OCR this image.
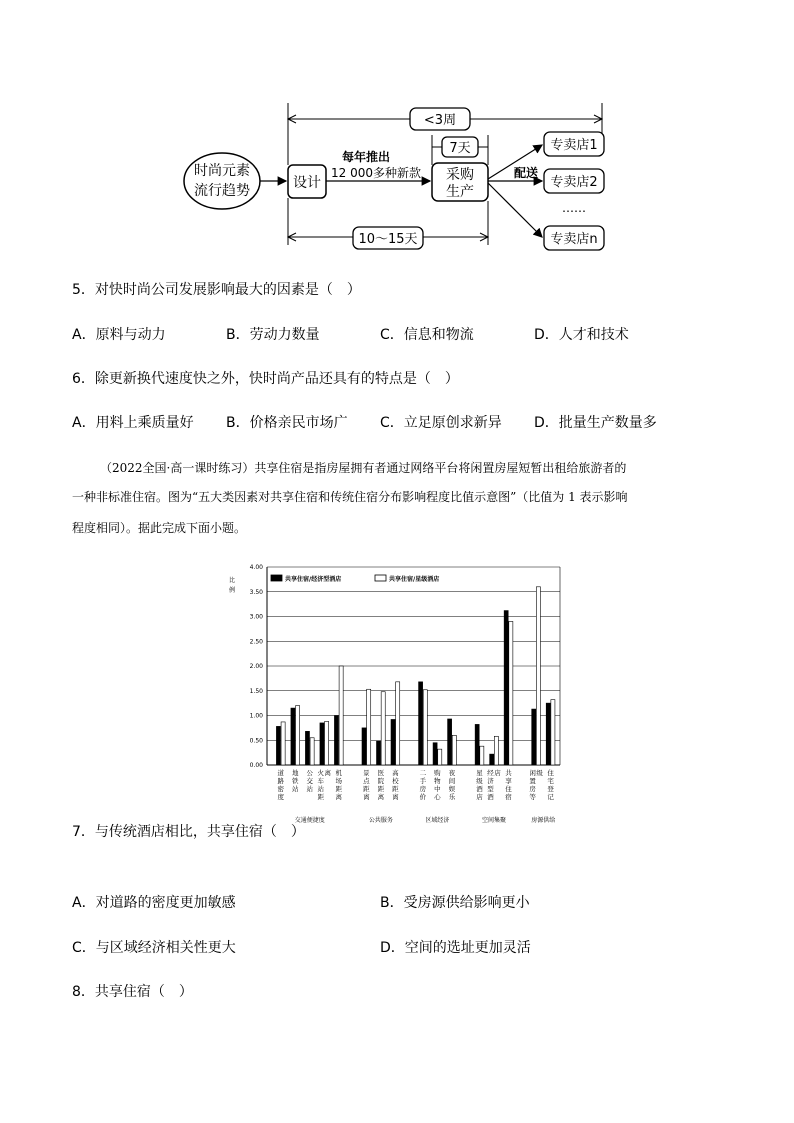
时尚元素
流行趋势	设计
<3周
每年推出
12 000多种新款
7天
采购
生产
配送
专卖店1
专卖店2
……
专卖店n
10～15天
5．对快时尚公司发展影响最大的因素是（　）
A．原料与动力	B．劳动力数量	C．信息和物流	D．人才和技术
6．除更新换代速度快之外，快时尚产品还具有的特点是（　）
A．用料上乘质量好 B．价格亲民市场广 C．立足原创求新异 D．批量生产数量多
（2022全国·高一课时练习）共享住宿是指房屋拥有者通过网络平台将闲置房屋短暂出租给旅游者的
一种非标准住宿。图为“五大类因素对共享住宿和传统住宿分布影响程度比值示意图”（比值为 1 表示影响
程度相同）。据此完成下面小题。
0.00
0.50
1.00
1.50
2.00
2.50
3.00
3.50
4.00
道
路
密
度
地
铁
站
公
交
站
火
车
站
距
离 机
场
距
离
景
点
距
离
医
院
距
离
高
校
距
离
二
手
房
价
购
物
中
心
夜
间
娱
乐
星
级
酒
店
经
济
型
酒
店 共
享
住
宿
闲
置
房
等
级 住
宅
登
记
交通便捷度	公共服务	区域经济	空间集聚	房源供给
比
例
共享住宿/经济型酒店	共享住宿/星级酒店
7．与传统酒店相比，共享住宿（　）
A．对道路的密度更加敏感	B．受房源供给影响更小
C．与区域经济相关性更大	D．空间的选址更加灵活
8．共享住宿（　）
